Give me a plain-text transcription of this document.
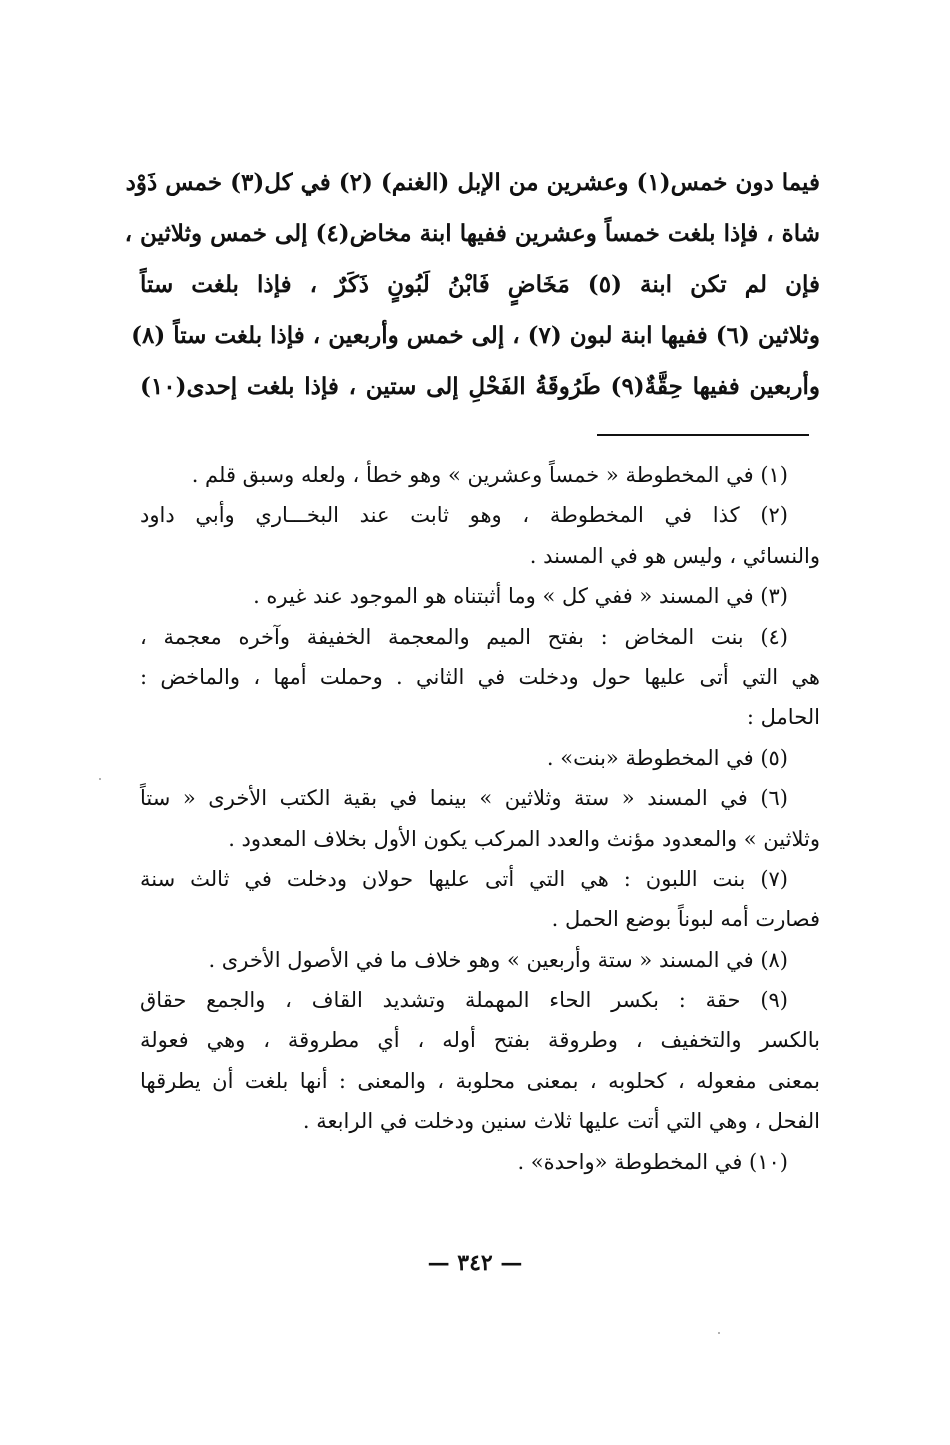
فيما دون خمس(١) وعشرين من الإبل (الغنم) (٢) في كل(٣) خمس ذَوْد
شاة ، فإذا بلغت خمساً وعشرين ففيها ابنة مخاض(٤) إلى خمس وثلاثين ،
فإن لم تكن ابنة (٥) مَخَاضٍ فَابْنُ لَبُونٍ ذَكَرٌ ، فإذا بلغت ستاً
وثلاثين (٦) ففيها ابنة لبون (٧) ، إلى خمس وأربعين ، فإذا بلغت ستاً (٨)
وأربعين ففيها حِقَّةٌ(٩) طَرُوقَةُ الفَحْلِ إلى ستين ، فإذا بلغت إحدى(١٠)
(١) في المخطوطة « خمساً وعشرين » وهو خطأ ، ولعله وسبق قلم .
(٢) كذا في المخطوطة ، وهو ثابت عند البخـــاري وأبي داود
والنسائي ، وليس هو في المسند .
(٣) في المسند « ففي كل » وما أثبتناه هو الموجود عند غيره .
(٤) بنت المخاض : بفتح الميم والمعجمة الخفيفة وآخره معجمة ،
هي التي أتى عليها حول ودخلت في الثاني . وحملت أمها ، والماخض :
الحامل :
(٥) في المخطوطة «بنت» .
(٦) في المسند « ستة وثلاثين » بينما في بقية الكتب الأخرى « ستاً
وثلاثين » والمعدود مؤنث والعدد المركب يكون الأول بخلاف المعدود .
(٧) بنت اللبون : هي التي أتى عليها حولان ودخلت في ثالث سنة
فصارت أمه لبوناً بوضع الحمل .
(٨) في المسند « ستة وأربعين » وهو خلاف ما في الأصول الأخرى .
(٩) حقة : بكسر الحاء المهملة وتشديد القاف ، والجمع حقاق
بالكسر والتخفيف ، وطروقة بفتح أوله ، أي مطروقة ، وهي فعولة
بمعنى مفعوله ، كحلوبه ، بمعنى محلوبة ، والمعنى : أنها بلغت أن يطرقها
الفحل ، وهي التي أتت عليها ثلاث سنين ودخلت في الرابعة .
(١٠) في المخطوطة «واحدة» .
— ٣٤٢ —
